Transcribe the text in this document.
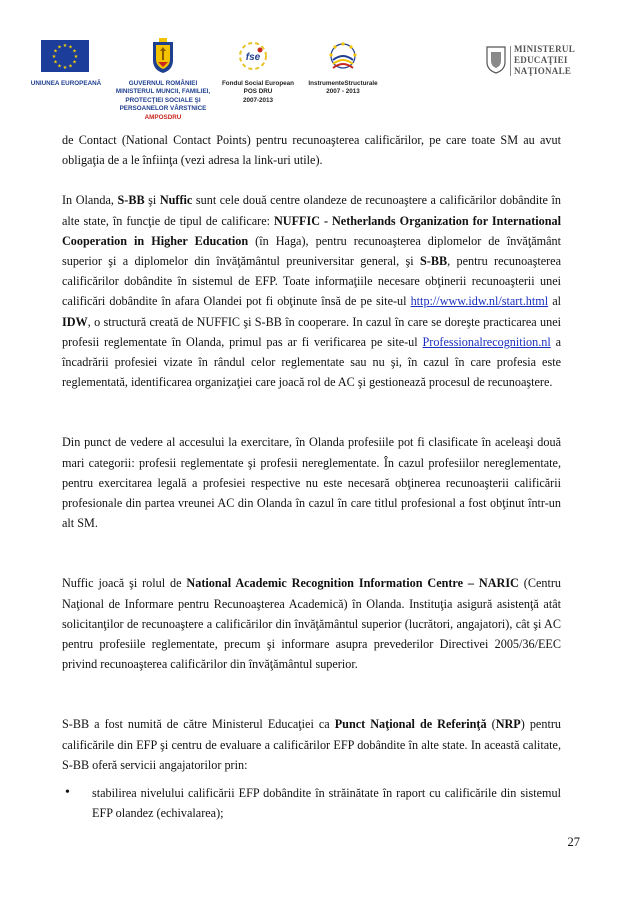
★ ★
★
★
★
★
★
★
★
★
★
★
UNIUNEA EUROPEANĂ	GUVERNUL ROMÂNIEI
MINISTERUL MUNCII, FAMILIEI,
PROTECŢIEI SOCIALE ŞI
PERSOANELOR VÂRSTNICE
AMPOSDRU
fse
Fondul Social European
POS DRU
2007-2013
InstrumenteStructurale
2007 - 2013
MINISTERUL
EDUCAŢIEI
NAŢIONALE

de Contact (National Contact Points) pentru recunoaşterea calificărilor, pe care toate SM au avut obligaţia de a le înfiinţa (vezi adresa la link-uri utile).

In Olanda, S-BB şi Nuffic sunt cele două centre olandeze de recunoaştere a calificărilor dobândite în alte state, în funcţie de tipul de calificare: NUFFIC - Netherlands Organization for International Cooperation in Higher Education (în Haga), pentru recunoaşterea diplomelor de învăţământ superior şi a diplomelor din învăţământul preuniversitar general, şi S-BB, pentru recunoaşterea calificărilor dobândite în sistemul de EFP. Toate informaţiile necesare obţinerii recunoaşterii unei calificări dobândite în afara Olandei pot fi obţinute însă de pe site-ul http://www.idw.nl/start.html al IDW, o structură creată de NUFFIC şi S-BB în cooperare. In cazul în care se doreşte practicarea unei profesii reglementate în Olanda, primul pas ar fi verificarea pe site-ul Professionalrecognition.nl a încadrării profesiei vizate în rândul celor reglementate sau nu şi, în cazul în care profesia este reglementată, identificarea organizaţiei care joacă rol de AC şi gestionează procesul de recunoaştere.

Din punct de vedere al accesului la exercitare, în Olanda profesiile pot fi clasificate în aceleaşi două mari categorii: profesii reglementate şi profesii nereglementate. În cazul profesiilor nereglementate, pentru exercitarea legală a profesiei respective nu este necesară obţinerea recunoaşterii calificării profesionale din partea vreunei AC din Olanda în cazul în care titlul profesional a fost obţinut într-un alt SM.

Nuffic joacă şi rolul de National Academic Recognition Information Centre – NARIC (Centru Naţional de Informare pentru Recunoaşterea Academică) în Olanda. Instituţia asigură asistenţă atât solicitanţilor de recunoaştere a calificărilor din învăţământul superior (lucrători, angajatori), cât şi AC pentru profesiile reglementate, precum şi informare asupra prevederilor Directivei 2005/36/EEC privind recunoaşterea calificărilor din învăţământul superior.

S-BB a fost numită de către Ministerul Educaţiei ca Punct Naţional de Referinţă (NRP) pentru calificările din EFP şi centru de evaluare a calificărilor EFP dobândite în alte state. In această calitate, S-BB oferă servicii angajatorilor prin:

• stabilirea nivelului calificării EFP dobândite în străinătate în raport cu calificările din sistemul EFP olandez (echivalarea);

27
